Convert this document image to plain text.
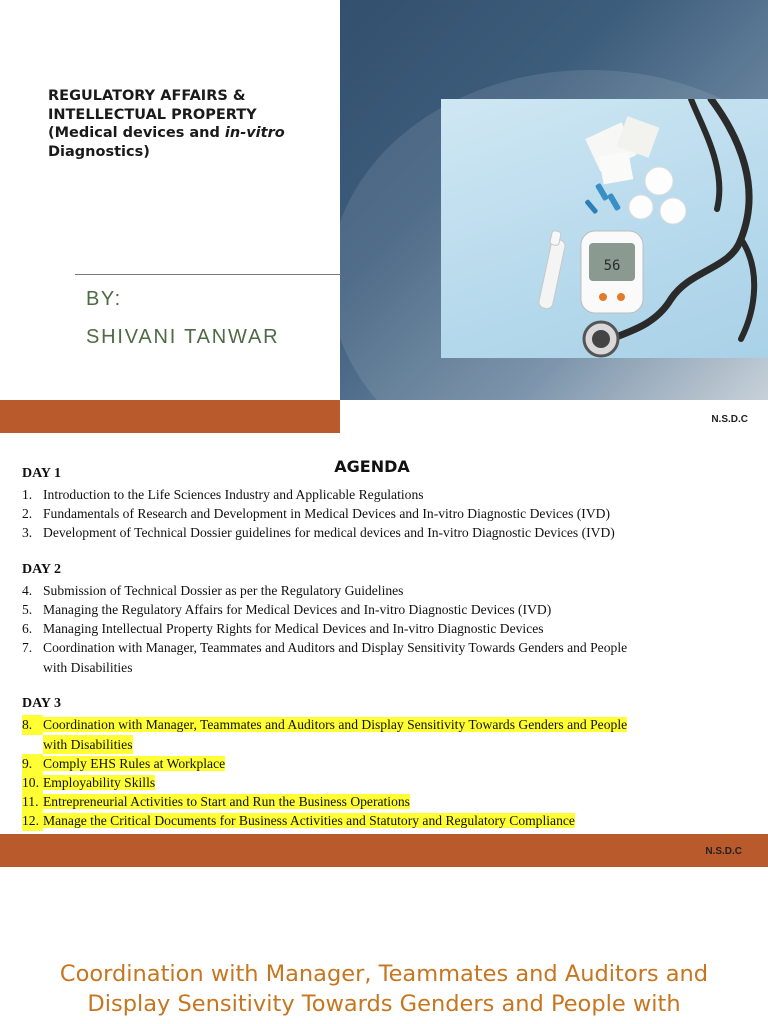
REGULATORY AFFAIRS &
INTELLECTUAL PROPERTY
(Medical devices and in-vitro
Diagnostics)
BY:
SHIVANI TANWAR
56
N.S.D.C
AGENDA
DAY 1
1. Introduction to the Life Sciences Industry and Applicable Regulations
2. Fundamentals of Research and Development in Medical Devices and In-vitro Diagnostic Devices (IVD)
3. Development of Technical Dossier guidelines for medical devices and In-vitro Diagnostic Devices (IVD)
DAY 2
4. Submission of Technical Dossier as per the Regulatory Guidelines
5. Managing the Regulatory Affairs for Medical Devices and In-vitro Diagnostic Devices (IVD)
6. Managing Intellectual Property Rights for Medical Devices and In-vitro Diagnostic Devices
7. Coordination with Manager, Teammates and Auditors and Display Sensitivity Towards Genders and People
with Disabilities
DAY 3
8. Coordination with Manager, Teammates and Auditors and Display Sensitivity Towards Genders and People
with Disabilities
9. Comply EHS Rules at Workplace
10. Employability Skills
11. Entrepreneurial Activities to Start and Run the Business Operations
12. Manage the Critical Documents for Business Activities and Statutory and Regulatory Compliance
N.S.D.C
Coordination with Manager, Teammates and Auditors and
Display Sensitivity Towards Genders and People with
